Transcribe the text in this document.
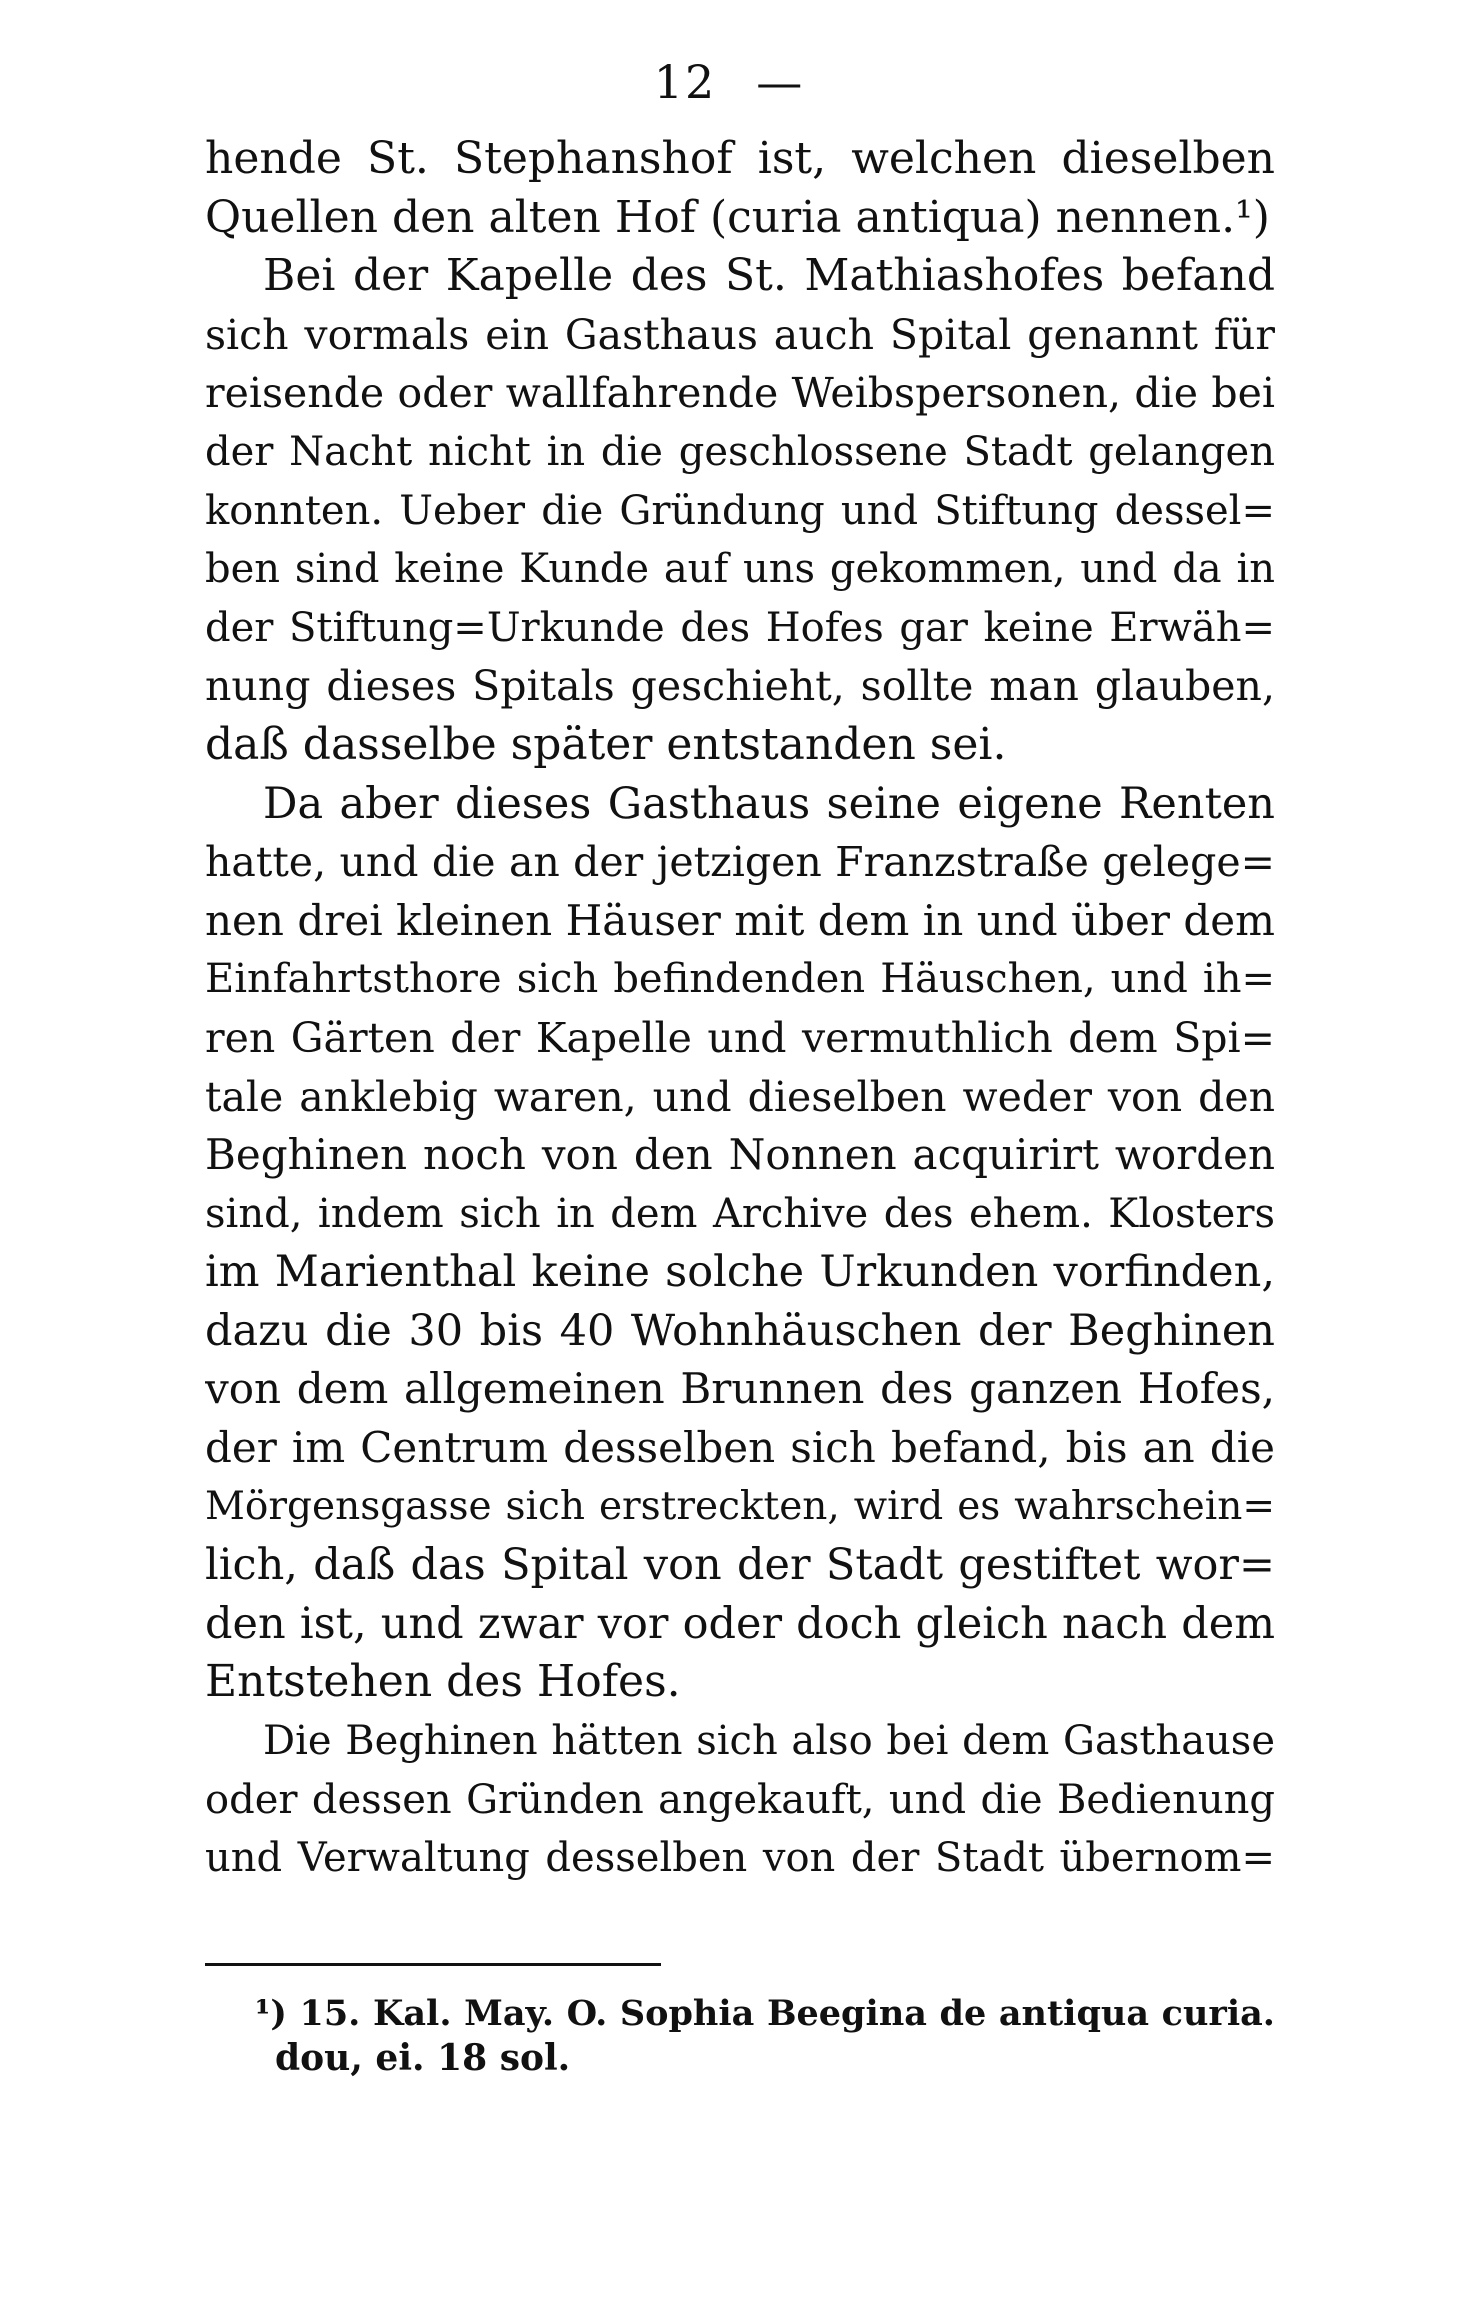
12 —
hende St. Stephanshof ist, welchen dieselben
Quellen den alten Hof (curia antiqua) nennen.¹)
Bei der Kapelle des St. Mathiashofes befand
sich vormals ein Gasthaus auch Spital genannt für
reisende oder wallfahrende Weibspersonen, die bei
der Nacht nicht in die geschlossene Stadt gelangen
konnten. Ueber die Gründung und Stiftung dessel=
ben sind keine Kunde auf uns gekommen, und da in
der Stiftung=Urkunde des Hofes gar keine Erwäh=
nung dieses Spitals geschieht, sollte man glauben,
daß dasselbe später entstanden sei.
Da aber dieses Gasthaus seine eigene Renten
hatte, und die an der jetzigen Franzstraße gelege=
nen drei kleinen Häuser mit dem in und über dem
Einfahrtsthore sich befindenden Häuschen, und ih=
ren Gärten der Kapelle und vermuthlich dem Spi=
tale anklebig waren, und dieselben weder von den
Beghinen noch von den Nonnen acquirirt worden
sind, indem sich in dem Archive des ehem. Klosters
im Marienthal keine solche Urkunden vorfinden,
dazu die 30 bis 40 Wohnhäuschen der Beghinen
von dem allgemeinen Brunnen des ganzen Hofes,
der im Centrum desselben sich befand, bis an die
Mörgensgasse sich erstreckten, wird es wahrschein=
lich, daß das Spital von der Stadt gestiftet wor=
den ist, und zwar vor oder doch gleich nach dem
Entstehen des Hofes.
Die Beghinen hätten sich also bei dem Gasthause
oder dessen Gründen angekauft, und die Bedienung
und Verwaltung desselben von der Stadt übernom=
¹) 15. Kal. May. O. Sophia Beegina de antiqua curia.
dou, ei. 18 sol.
